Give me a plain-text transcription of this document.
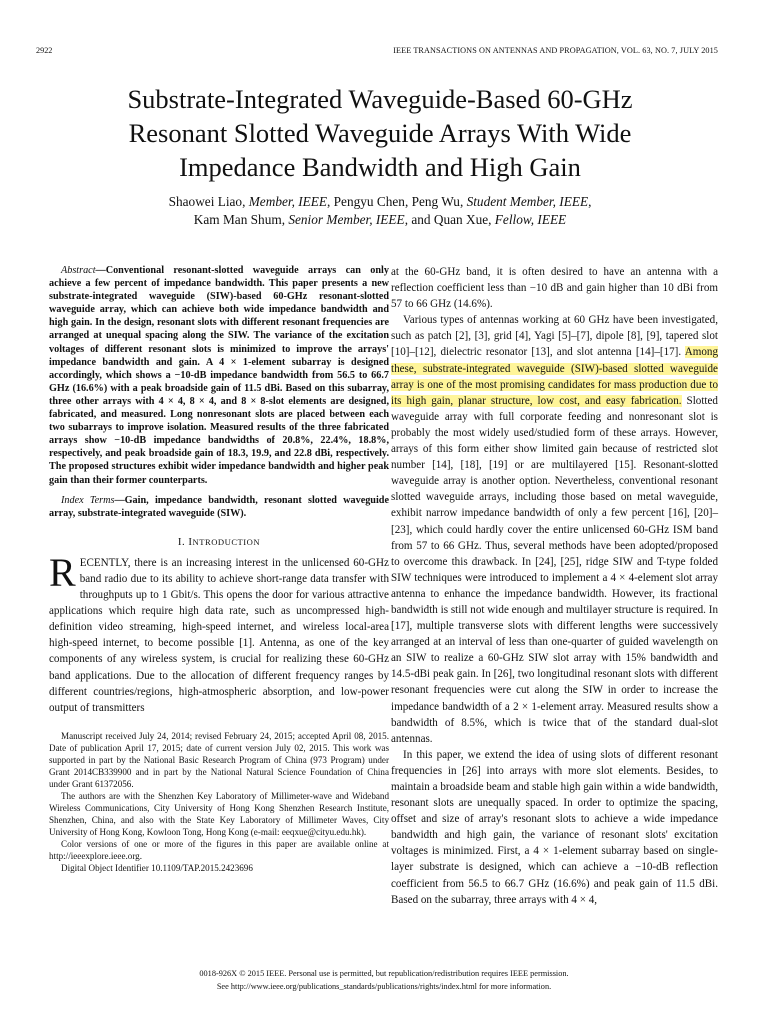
2922	IEEE TRANSACTIONS ON ANTENNAS AND PROPAGATION, VOL. 63, NO. 7, JULY 2015
Substrate-Integrated Waveguide-Based 60-GHz
Resonant Slotted Waveguide Arrays With Wide
Impedance Bandwidth and High Gain
Shaowei Liao, Member, IEEE, Pengyu Chen, Peng Wu, Student Member, IEEE,
Kam Man Shum, Senior Member, IEEE, and Quan Xue, Fellow, IEEE

Abstract—Conventional resonant-slotted waveguide arrays can only achieve a few percent of impedance bandwidth. This paper presents a new substrate-integrated waveguide (SIW)-based 60-GHz resonant-slotted waveguide array, which can achieve both wide impedance bandwidth and high gain. In the design, resonant slots with different resonant frequencies are arranged at unequal spacing along the SIW. The variance of the excitation voltages of different resonant slots is minimized to improve the arrays' impedance bandwidth and gain. A 4 × 1-element subarray is designed accordingly, which shows a −10-dB impedance bandwidth from 56.5 to 66.7 GHz (16.6%) with a peak broadside gain of 11.5 dBi. Based on this subarray, three other arrays with 4 × 4, 8 × 4, and 8 × 8-slot elements are designed, fabricated, and measured. Long nonresonant slots are placed between each two subarrays to improve isolation. Measured results of the three fabricated arrays show −10-dB impedance bandwidths of 20.8%, 22.4%, 18.8%, respectively, and peak broadside gain of 18.3, 19.9, and 22.8 dBi, respectively. The proposed structures exhibit wider impedance bandwidth and higher peak gain than their former counterparts.

Index Terms—Gain, impedance bandwidth, resonant slotted waveguide array, substrate-integrated waveguide (SIW).

I. INTRODUCTION

RECENTLY, there is an increasing interest in the unlicensed 60-GHz band radio due to its ability to achieve short-range data transfer with throughputs up to 1 Gbit/s. This opens the door for various attractive applications which require high data rate, such as uncompressed high-definition video streaming, high-speed internet, and wireless local-area high-speed internet, to become possible [1]. Antenna, as one of the key components of any wireless system, is crucial for realizing these 60-GHz band applications. Due to the allocation of different frequency ranges by different countries/regions, high-atmospheric absorption, and low-power output of transmitters

Manuscript received July 24, 2014; revised February 24, 2015; accepted April 08, 2015. Date of publication April 17, 2015; date of current version July 02, 2015. This work was supported in part by the National Basic Research Program of China (973 Program) under Grant 2014CB339900 and in part by the National Natural Science Foundation of China under Grant 61372056.

The authors are with the Shenzhen Key Laboratory of Millimeter-wave and Wideband Wireless Communications, City University of Hong Kong Shenzhen Research Institute, Shenzhen, China, and also with the State Key Laboratory of Millimeter Waves, City University of Hong Kong, Kowloon Tong, Hong Kong (e-mail: eeqxue@cityu.edu.hk).

Color versions of one or more of the figures in this paper are available online at http://ieeexplore.ieee.org.

Digital Object Identifier 10.1109/TAP.2015.2423696

at the 60-GHz band, it is often desired to have an antenna with a reflection coefficient less than −10 dB and gain higher than 10 dBi from 57 to 66 GHz (14.6%).

Various types of antennas working at 60 GHz have been investigated, such as patch [2], [3], grid [4], Yagi [5]–[7], dipole [8], [9], tapered slot [10]–[12], dielectric resonator [13], and slot antenna [14]–[17]. Among these, substrate-integrated waveguide (SIW)-based slotted waveguide array is one of the most promising candidates for mass production due to its high gain, planar structure, low cost, and easy fabrication. Slotted waveguide array with full corporate feeding and nonresonant slot is probably the most widely used/studied form of these arrays. However, arrays of this form either show limited gain because of restricted slot number [14], [18], [19] or are multilayered [15]. Resonant-slotted waveguide array is another option. Nevertheless, conventional resonant slotted waveguide arrays, including those based on metal waveguide, exhibit narrow impedance bandwidth of only a few percent [16], [20]–[23], which could hardly cover the entire unlicensed 60-GHz ISM band from 57 to 66 GHz. Thus, several methods have been adopted/proposed to overcome this drawback. In [24], [25], ridge SIW and T-type folded SIW techniques were introduced to implement a 4 × 4-element slot array antenna to enhance the impedance bandwidth. However, its fractional bandwidth is still not wide enough and multilayer structure is required. In [17], multiple transverse slots with different lengths were successively arranged at an interval of less than one-quarter of guided wavelength on an SIW to realize a 60-GHz SIW slot array with 15% bandwidth and 14.5-dBi peak gain. In [26], two longitudinal resonant slots with different resonant frequencies were cut along the SIW in order to increase the impedance bandwidth of a 2 × 1-element array. Measured results show a bandwidth of 8.5%, which is twice that of the standard dual-slot antennas.

In this paper, we extend the idea of using slots of different resonant frequencies in [26] into arrays with more slot elements. Besides, to maintain a broadside beam and stable high gain within a wide bandwidth, resonant slots are unequally spaced. In order to optimize the spacing, offset and size of array's resonant slots to achieve a wide impedance bandwidth and high gain, the variance of resonant slots' excitation voltages is minimized. First, a 4 × 1-element subarray based on single-layer substrate is designed, which can achieve a −10-dB reflection coefficient from 56.5 to 66.7 GHz (16.6%) and peak gain of 11.5 dBi. Based on the subarray, three arrays with 4 × 4,

0018-926X © 2015 IEEE. Personal use is permitted, but republication/redistribution requires IEEE permission.
See http://www.ieee.org/publications_standards/publications/rights/index.html for more information.
